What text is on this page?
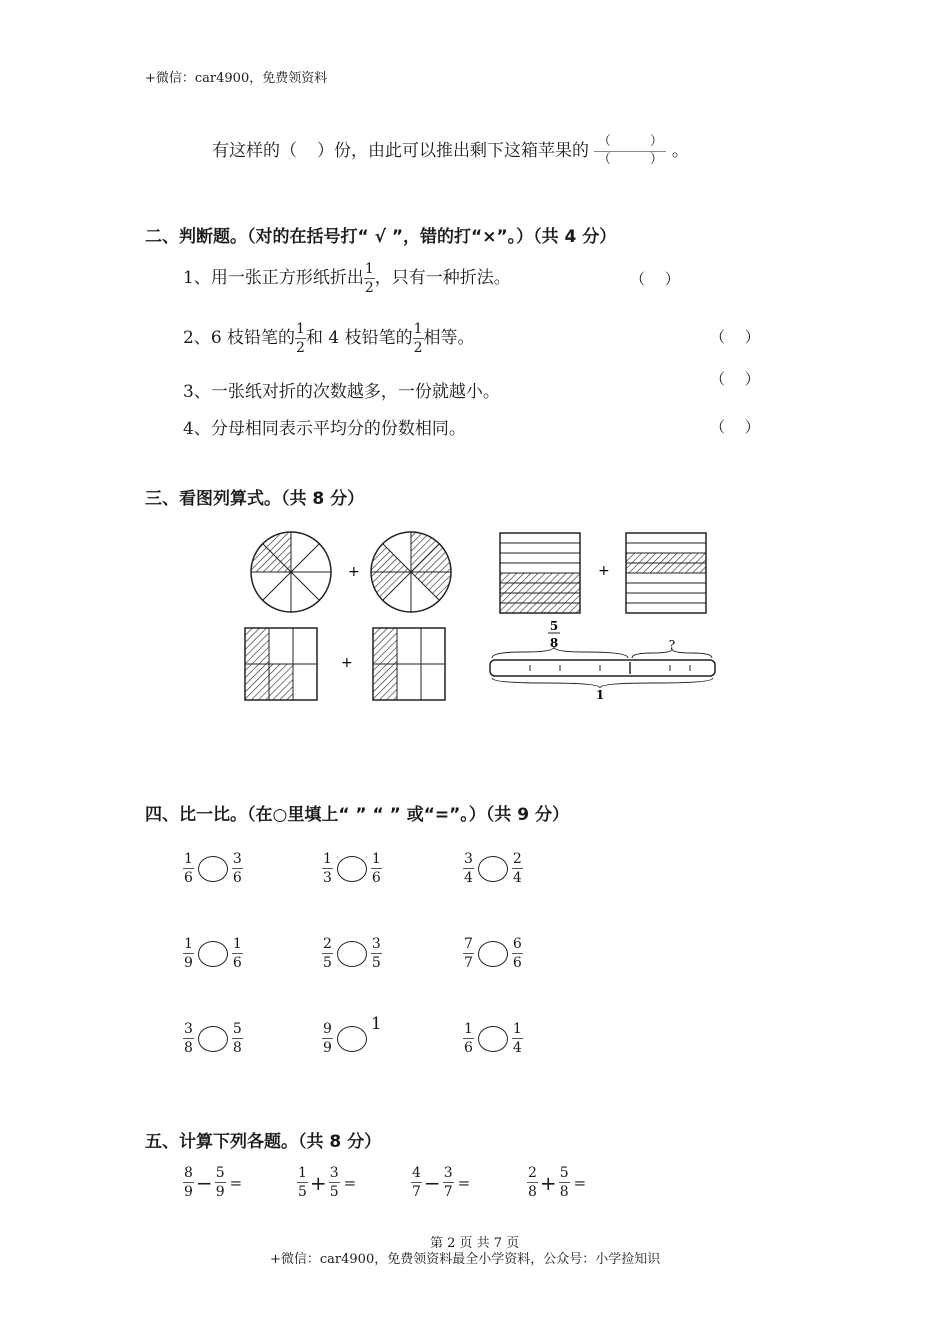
+微信：car4900，免费领资料
有这样的（ ）份，由此可以推出剩下这箱苹果的 $\frac{( )}{( )}$ 。
二、判断题。（对的在括号打“ √ ”，错的打“×”。）（共 4 分）
1、用一张正方形纸折出 $\frac{1}{2}$ ，只有一种折法。	（　 ）
2、6 枝铅笔的 $\frac{1}{2}$ 和 4 枝铅笔的 $\frac{1}{2}$ 相等。	（　 ）
3、一张纸对折的次数越多，一份就越小。
（　 ）
4、分母相同表示平均分的份数相同。	（　 ）
三、看图列算式。（共 8 分）
+	+
+
5
8	?
1
四、比一比。（在○里填上“ ” “ ” 或“=”。）（共 9 分）
$\frac{1}{6}$	$\frac{3}{6}$	$\frac{1}{3}$	$\frac{1}{6}$	$\frac{3}{4}$	$\frac{2}{4}$
$\frac{1}{9}$	$\frac{1}{6}$	$\frac{2}{5}$	$\frac{3}{5}$	$\frac{7}{7}$	$\frac{6}{6}$
$\frac{3}{8}$	$\frac{5}{8}$	$\frac{9}{9} 1$	$\frac{1}{6}$	$\frac{1}{4}$
五、计算下列各题。（共 8 分）
$\frac{8}{9} - \frac{5}{9}$ =	$\frac{1}{5} + \frac{3}{5}$ =	$\frac{4}{7} - \frac{3}{7}$ =	$\frac{2}{8} + \frac{5}{8}$ =
第 2 页 共 7 页
+微信：car4900，免费领资料最全小学资料，公众号：小学捡知识
